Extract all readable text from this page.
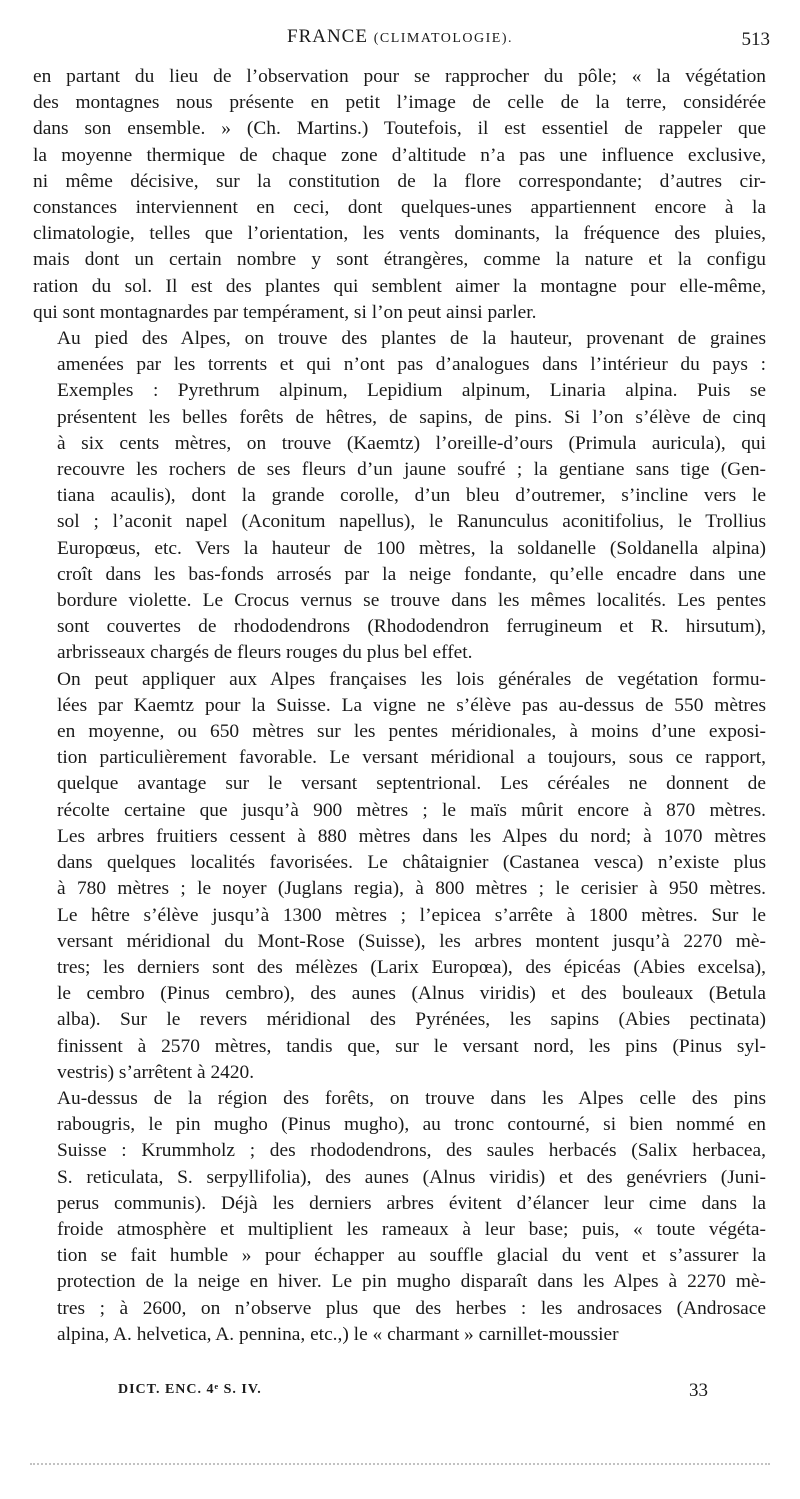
FRANCE (CLIMATOLOGIE).	513

en partant du lieu de l’observation pour se rapprocher du pôle; « la végétation
des montagnes nous présente en petit l’image de celle de la terre, considérée
dans son ensemble. » (Ch. Martins.) Toutefois, il est essentiel de rappeler que
la moyenne thermique de chaque zone d’altitude n’a pas une influence exclusive,
ni même décisive, sur la constitution de la flore correspondante; d’autres cir-
constances interviennent en ceci, dont quelques-unes appartiennent encore à la
climatologie, telles que l’orientation, les vents dominants, la fréquence des pluies,
mais dont un certain nombre y sont étrangères, comme la nature et la configu
ration du sol. Il est des plantes qui semblent aimer la montagne pour elle-même,
qui sont montagnardes par tempérament, si l’on peut ainsi parler.

Au pied des Alpes, on trouve des plantes de la hauteur, provenant de graines
amenées par les torrents et qui n’ont pas d’analogues dans l’intérieur du pays :
Exemples : Pyrethrum alpinum, Lepidium alpinum, Linaria alpina. Puis se
présentent les belles forêts de hêtres, de sapins, de pins. Si l’on s’élève de cinq
à six cents mètres, on trouve (Kaemtz) l’oreille-d’ours (Primula auricula), qui
recouvre les rochers de ses fleurs d’un jaune soufré ; la gentiane sans tige (Gen-
tiana acaulis), dont la grande corolle, d’un bleu d’outremer, s’incline vers le
sol ; l’aconit napel (Aconitum napellus), le Ranunculus aconitifolius, le Trollius
Europœus, etc. Vers la hauteur de 100 mètres, la soldanelle (Soldanella alpina)
croît dans les bas-fonds arrosés par la neige fondante, qu’elle encadre dans une
bordure violette. Le Crocus vernus se trouve dans les mêmes localités. Les pentes
sont couvertes de rhododendrons (Rhododendron ferrugineum et R. hirsutum),
arbrisseaux chargés de fleurs rouges du plus bel effet.

On peut appliquer aux Alpes françaises les lois générales de vegétation formu-
lées par Kaemtz pour la Suisse. La vigne ne s’élève pas au-dessus de 550 mètres
en moyenne, ou 650 mètres sur les pentes méridionales, à moins d’une exposi-
tion particulièrement favorable. Le versant méridional a toujours, sous ce rapport,
quelque avantage sur le versant septentrional. Les céréales ne donnent de
récolte certaine que jusqu’à 900 mètres ; le maïs mûrit encore à 870 mètres.
Les arbres fruitiers cessent à 880 mètres dans les Alpes du nord; à 1070 mètres
dans quelques localités favorisées. Le châtaignier (Castanea vesca) n’existe plus
à 780 mètres ; le noyer (Juglans regia), à 800 mètres ; le cerisier à 950 mètres.
Le hêtre s’élève jusqu’à 1300 mètres ; l’epicea s’arrête à 1800 mètres. Sur le
versant méridional du Mont-Rose (Suisse), les arbres montent jusqu’à 2270 mè-
tres; les derniers sont des mélèzes (Larix Europœa), des épicéas (Abies excelsa),
le cembro (Pinus cembro), des aunes (Alnus viridis) et des bouleaux (Betula
alba). Sur le revers méridional des Pyrénées, les sapins (Abies pectinata)
finissent à 2570 mètres, tandis que, sur le versant nord, les pins (Pinus syl-
vestris) s’arrêtent à 2420.

Au-dessus de la région des forêts, on trouve dans les Alpes celle des pins
rabougris, le pin mugho (Pinus mugho), au tronc contourné, si bien nommé en
Suisse : Krummholz ; des rhododendrons, des saules herbacés (Salix herbacea,
S. reticulata, S. serpyllifolia), des aunes (Alnus viridis) et des genévriers (Juni-
perus communis). Déjà les derniers arbres évitent d’élancer leur cime dans la
froide atmosphère et multiplient les rameaux à leur base; puis, « toute végéta-
tion se fait humble » pour échapper au souffle glacial du vent et s’assurer la
protection de la neige en hiver. Le pin mugho disparaît dans les Alpes à 2270 mè-
tres ; à 2600, on n’observe plus que des herbes : les androsaces (Androsace
alpina, A. helvetica, A. pennina, etc.,) le « charmant » carnillet-moussier

DICT. ENC. 4ᵉ S. IV.	33
